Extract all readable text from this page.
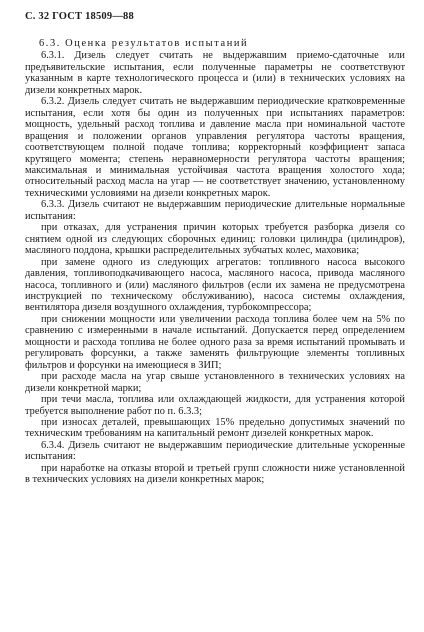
С. 32 ГОСТ 18509—88

6.3. Оценка результатов испытаний

6.3.1. Дизель следует считать не выдержавшим приемо-сдаточные или предъявительские испытания, если полученные параметры не соответствуют указанным в карте технологического процесса и (или) в технических условиях на дизели конкретных марок.

6.3.2. Дизель следует считать не выдержавшим периодические кратковременные испытания, если хотя бы один из полученных при испытаниях параметров: мощность, удельный расход топлива и давление масла при номинальной частоте вращения и положении органов управления регулятора частоты вращения, соответствующем полной подаче топлива; корректорный коэффициент запаса крутящего момента; степень неравномерности регулятора частоты вращения; максимальная и минимальная устойчивая частота вращения холостого хода; относительный расход масла на угар — не соответствует значению, установленному техническими условиями на дизели конкретных марок.

6.3.3. Дизель считают не выдержавшим периодические длительные нормальные испытания:

при отказах, для устранения причин которых требуется разборка дизеля со снятием одной из следующих сборочных единиц: головки цилиндра (цилиндров), масляного поддона, крышки распределительных зубчатых колес, маховика;

при замене одного из следующих агрегатов: топливного насоса высокого давления, топливоподкачивающего насоса, масляного насоса, привода масляного насоса, топливного и (или) масляного фильтров (если их замена не предусмотрена инструкцией по техническому обслуживанию), насоса системы охлаждения, вентилятора дизеля воздушного охлаждения, турбокомпрессора;

при снижении мощности или увеличении расхода топлива более чем на 5% по сравнению с измеренными в начале испытаний. Допускается перед определением мощности и расхода топлива не более одного раза за время испытаний промывать и регулировать форсунки, а также заменять фильтрующие элементы топливных фильтров и форсунки на имеющиеся в ЗИП;

при расходе масла на угар свыше установленного в технических условиях на дизели конкретной марки;

при течи масла, топлива или охлаждающей жидкости, для устранения которой требуется выполнение работ по п. 6.3.3;

при износах деталей, превышающих 15% предельно допустимых значений по техническим требованиям на капитальный ремонт дизелей конкретных марок.

6.3.4. Дизель считают не выдержавшим периодические длительные ускоренные испытания:

при наработке на отказы второй и третьей групп сложности ниже установленной в технических условиях на дизели конкретных марок;
